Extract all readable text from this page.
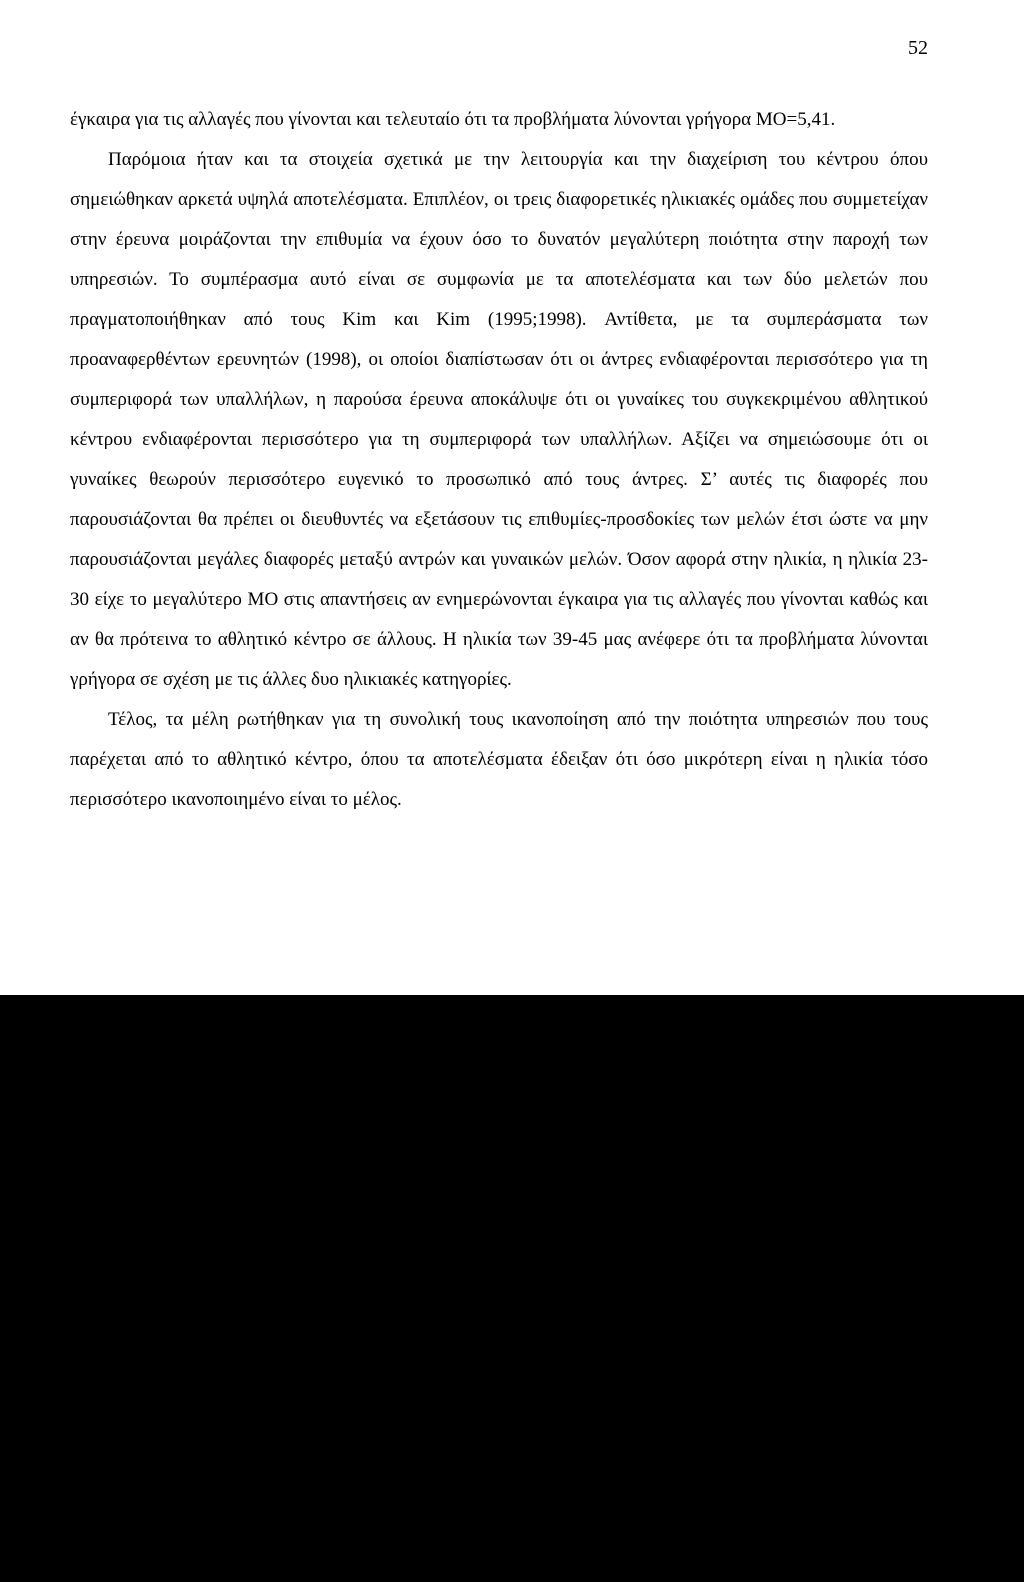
52

έγκαιρα για τις αλλαγές που γίνονται και τελευταίο ότι τα προβλήματα λύνονται γρήγορα ΜΟ=5,41.

Παρόμοια ήταν και τα στοιχεία σχετικά με την λειτουργία και την διαχείριση του κέντρου όπου σημειώθηκαν αρκετά υψηλά αποτελέσματα. Επιπλέον, οι τρεις διαφορετικές ηλικιακές ομάδες που συμμετείχαν στην έρευνα μοιράζονται την επιθυμία να έχουν όσο το δυνατόν μεγαλύτερη ποιότητα στην παροχή των υπηρεσιών. Το συμπέρασμα αυτό είναι σε συμφωνία με τα αποτελέσματα και των δύο μελετών που πραγματοποιήθηκαν από τους Kim και Kim (1995;1998). Αντίθετα, με τα συμπεράσματα των προαναφερθέντων ερευνητών (1998), οι οποίοι διαπίστωσαν ότι οι άντρες ενδιαφέρονται περισσότερο για τη συμπεριφορά των υπαλλήλων, η παρούσα έρευνα αποκάλυψε ότι οι γυναίκες του συγκεκριμένου αθλητικού κέντρου ενδιαφέρονται περισσότερο για τη συμπεριφορά των υπαλλήλων. Αξίζει να σημειώσουμε ότι οι γυναίκες θεωρούν περισσότερο ευγενικό το προσωπικό από τους άντρες. Σ’ αυτές τις διαφορές που παρουσιάζονται θα πρέπει οι διευθυντές να εξετάσουν τις επιθυμίες-προσδοκίες των μελών έτσι ώστε να μην παρουσιάζονται μεγάλες διαφορές μεταξύ αντρών και γυναικών μελών. Όσον αφορά στην ηλικία, η ηλικία 23-30 είχε το μεγαλύτερο ΜΟ στις απαντήσεις αν ενημερώνονται έγκαιρα για τις αλλαγές που γίνονται καθώς και αν θα πρότεινα το αθλητικό κέντρο σε άλλους. Η ηλικία των 39-45 μας ανέφερε ότι τα προβλήματα λύνονται γρήγορα σε σχέση με τις άλλες δυο ηλικιακές κατηγορίες.

Τέλος, τα μέλη ρωτήθηκαν για τη συνολική τους ικανοποίηση από την ποιότητα υπηρεσιών που τους παρέχεται από το αθλητικό κέντρο, όπου τα αποτελέσματα έδειξαν ότι όσο μικρότερη είναι η ηλικία τόσο περισσότερο ικανοποιημένο είναι το μέλος.
